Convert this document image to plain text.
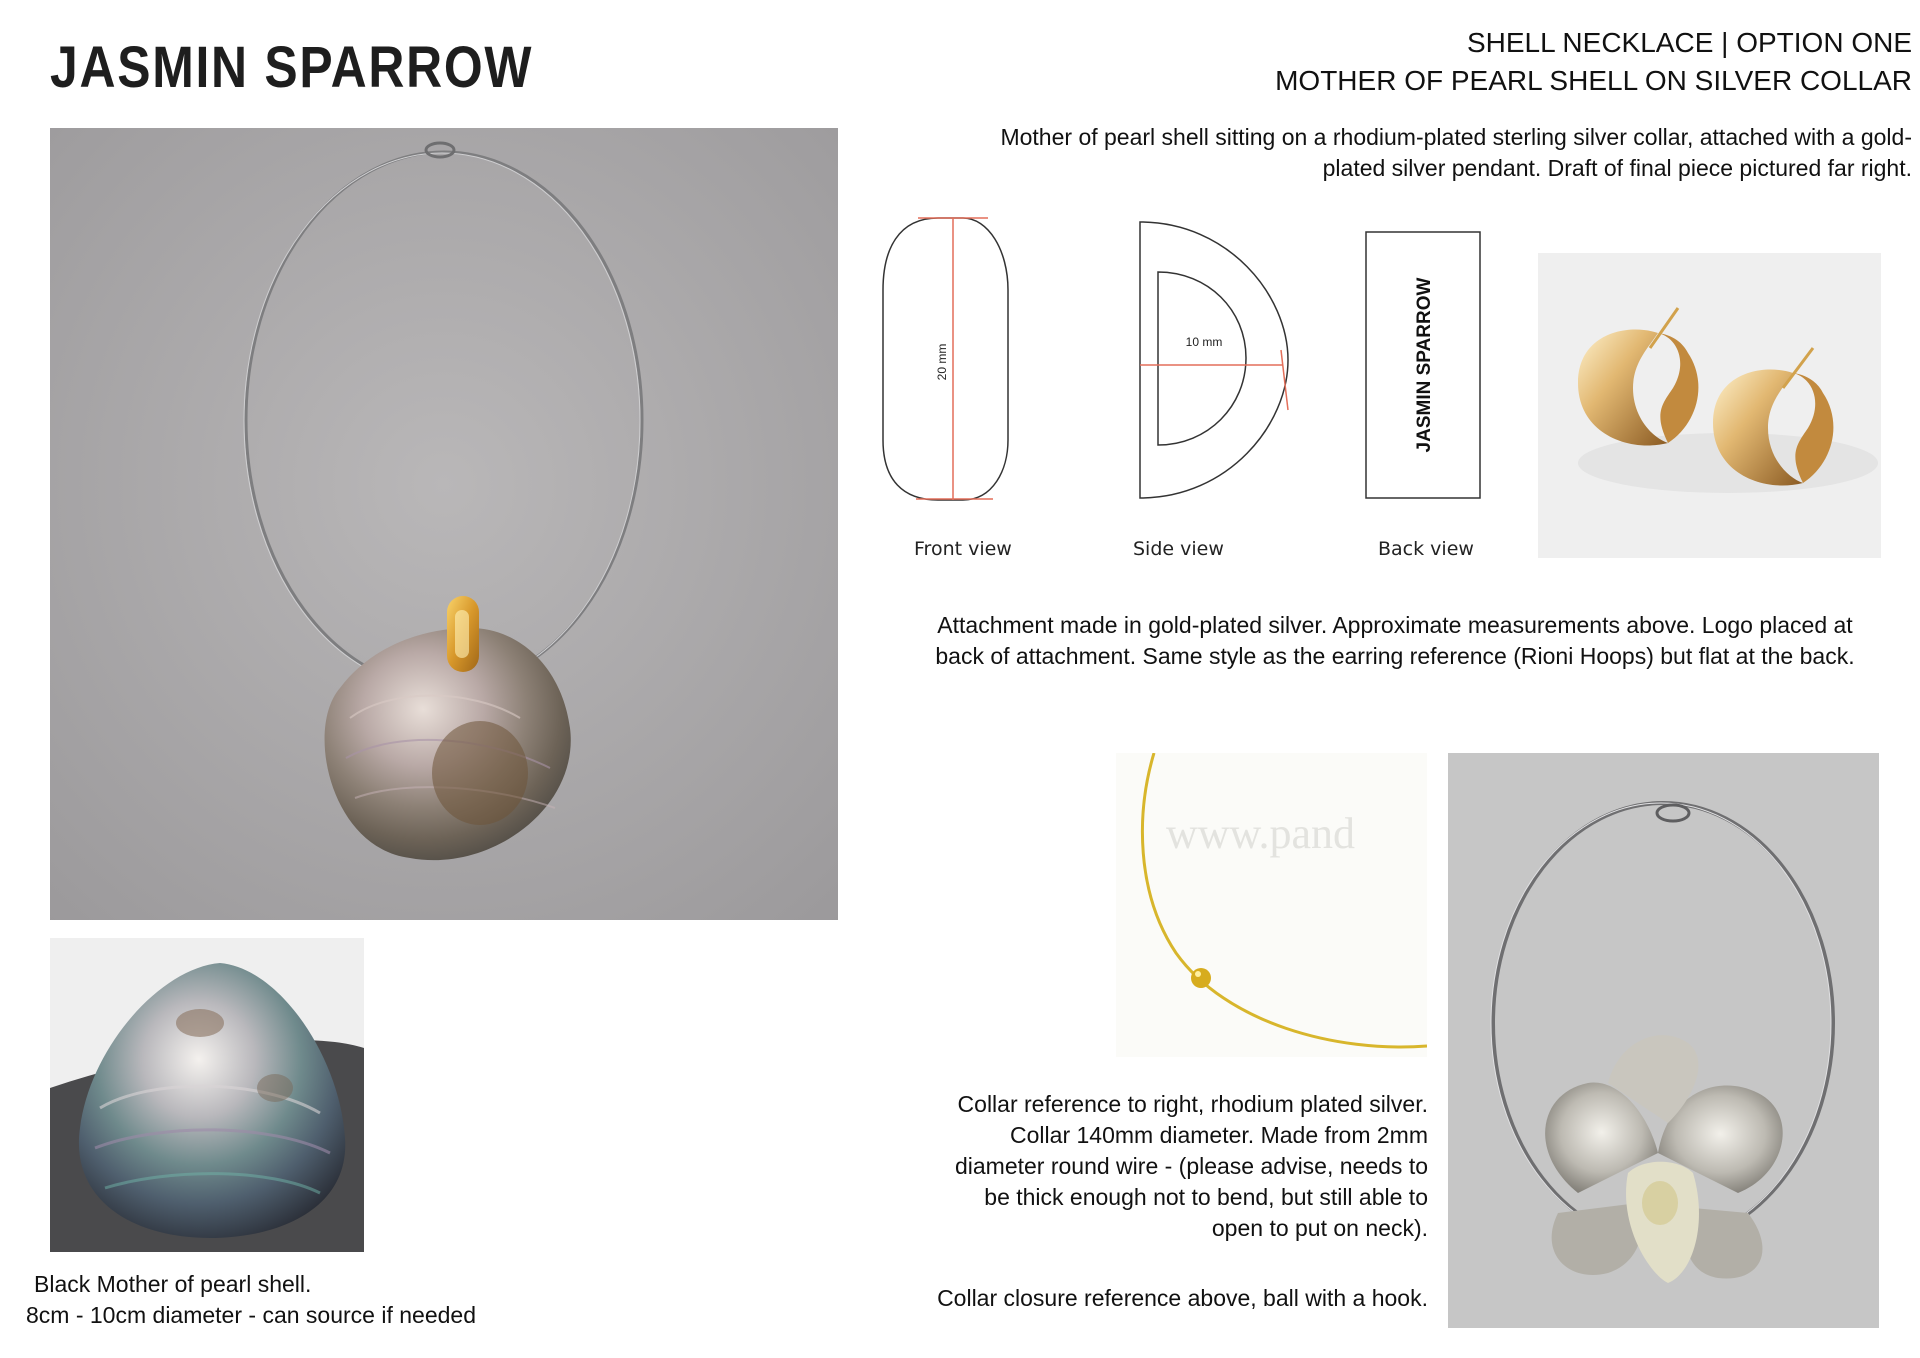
JASMIN SPARROW	SHELL NECKLACE | OPTION ONE
MOTHER OF PEARL SHELL ON SILVER COLLAR
Mother of pearl shell sitting on a rhodium-plated sterling silver collar, attached with a gold-
plated silver pendant. Draft of final piece pictured far right.
Black Mother of pearl shell.
8cm - 10cm diameter - can source if needed
20 mm
10 mm	JASMIN SPARROW
Front view	Side view	Back view
Attachment made in gold-plated silver. Approximate measurements above. Logo placed at
back of attachment. Same style as the earring reference (Rioni Hoops) but flat at the back.
www.pand
Collar reference to right, rhodium plated silver.
Collar 140mm diameter. Made from 2mm
diameter round wire - (please advise, needs to
be thick enough not to bend, but still able to
open to put on neck).
Collar closure reference above, ball with a hook.
